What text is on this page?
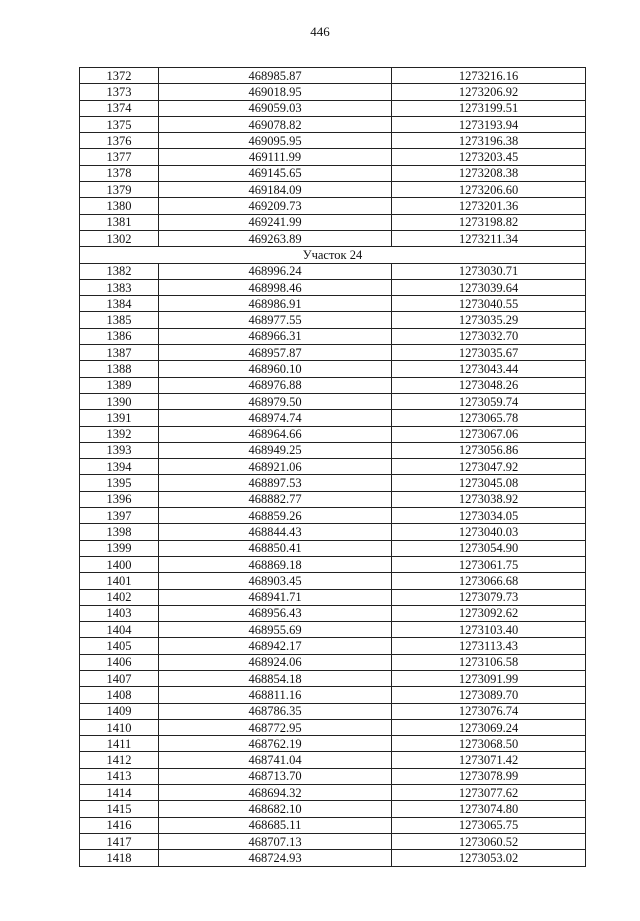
446
1372	468985.87	1273216.16
1373	469018.95	1273206.92
1374	469059.03	1273199.51
1375	469078.82	1273193.94
1376	469095.95	1273196.38
1377	469111.99	1273203.45
1378	469145.65	1273208.38
1379	469184.09	1273206.60
1380	469209.73	1273201.36
1381	469241.99	1273198.82
1302	469263.89	1273211.34
Участок 24		
1382	468996.24	1273030.71
1383	468998.46	1273039.64
1384	468986.91	1273040.55
1385	468977.55	1273035.29
1386	468966.31	1273032.70
1387	468957.87	1273035.67
1388	468960.10	1273043.44
1389	468976.88	1273048.26
1390	468979.50	1273059.74
1391	468974.74	1273065.78
1392	468964.66	1273067.06
1393	468949.25	1273056.86
1394	468921.06	1273047.92
1395	468897.53	1273045.08
1396	468882.77	1273038.92
1397	468859.26	1273034.05
1398	468844.43	1273040.03
1399	468850.41	1273054.90
1400	468869.18	1273061.75
1401	468903.45	1273066.68
1402	468941.71	1273079.73
1403	468956.43	1273092.62
1404	468955.69	1273103.40
1405	468942.17	1273113.43
1406	468924.06	1273106.58
1407	468854.18	1273091.99
1408	468811.16	1273089.70
1409	468786.35	1273076.74
1410	468772.95	1273069.24
1411	468762.19	1273068.50
1412	468741.04	1273071.42
1413	468713.70	1273078.99
1414	468694.32	1273077.62
1415	468682.10	1273074.80
1416	468685.11	1273065.75
1417	468707.13	1273060.52
1418	468724.93	1273053.02
